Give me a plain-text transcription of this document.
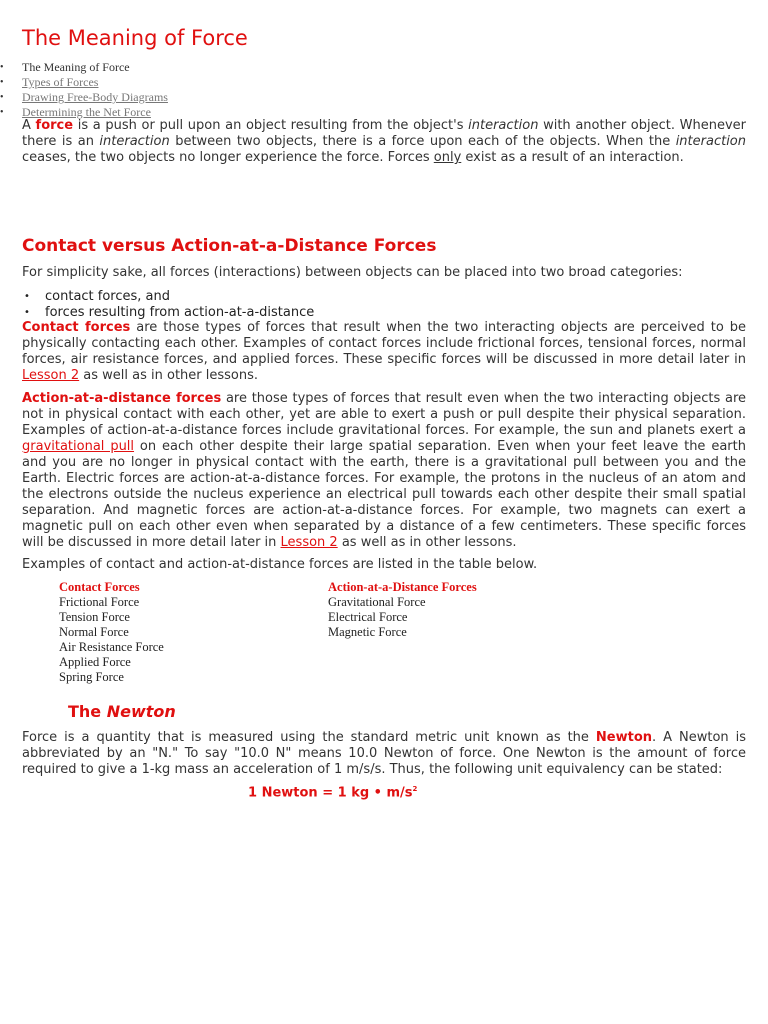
The Meaning of Force
• The Meaning of Force
• Types of Forces
• Drawing Free-Body Diagrams
• Determining the Net Force

A force is a push or pull upon an object resulting from the object's interaction with another object. Whenever there is an interaction between two objects, there is a force upon each of the objects. When the interaction ceases, the two objects no longer experience the force. Forces only exist as a result of an interaction.

Contact versus Action-at-a-Distance Forces

For simplicity sake, all forces (interactions) between objects can be placed into two broad categories:

• contact forces, and
• forces resulting from action-at-a-distance

Contact forces are those types of forces that result when the two interacting objects are perceived to be physically contacting each other. Examples of contact forces include frictional forces, tensional forces, normal forces, air resistance forces, and applied forces. These specific forces will be discussed in more detail later in Lesson 2 as well as in other lessons.

Action-at-a-distance forces are those types of forces that result even when the two interacting objects are not in physical contact with each other, yet are able to exert a push or pull despite their physical separation. Examples of action-at-a-distance forces include gravitational forces. For example, the sun and planets exert a gravitational pull on each other despite their large spatial separation. Even when your feet leave the earth and you are no longer in physical contact with the earth, there is a gravitational pull between you and the Earth. Electric forces are action-at-a-distance forces. For example, the protons in the nucleus of an atom and the electrons outside the nucleus experience an electrical pull towards each other despite their small spatial separation. And magnetic forces are action-at-a-distance forces. For example, two magnets can exert a magnetic pull on each other even when separated by a distance of a few centimeters. These specific forces will be discussed in more detail later in Lesson 2 as well as in other lessons.

Examples of contact and action-at-distance forces are listed in the table below.

Contact Forces	Action-at-a-Distance Forces
Frictional Force	Gravitational Force
Tension Force	Electrical Force
Normal Force	Magnetic Force
Air Resistance Force	
Applied Force	
Spring Force	
The Newton

Force is a quantity that is measured using the standard metric unit known as the Newton. A Newton is abbreviated by an "N." To say "10.0 N" means 10.0 Newton of force. One Newton is the amount of force required to give a 1-kg mass an acceleration of 1 m/s/s. Thus, the following unit equivalency can be stated:

1 Newton = 1 kg • $m/s^2$
